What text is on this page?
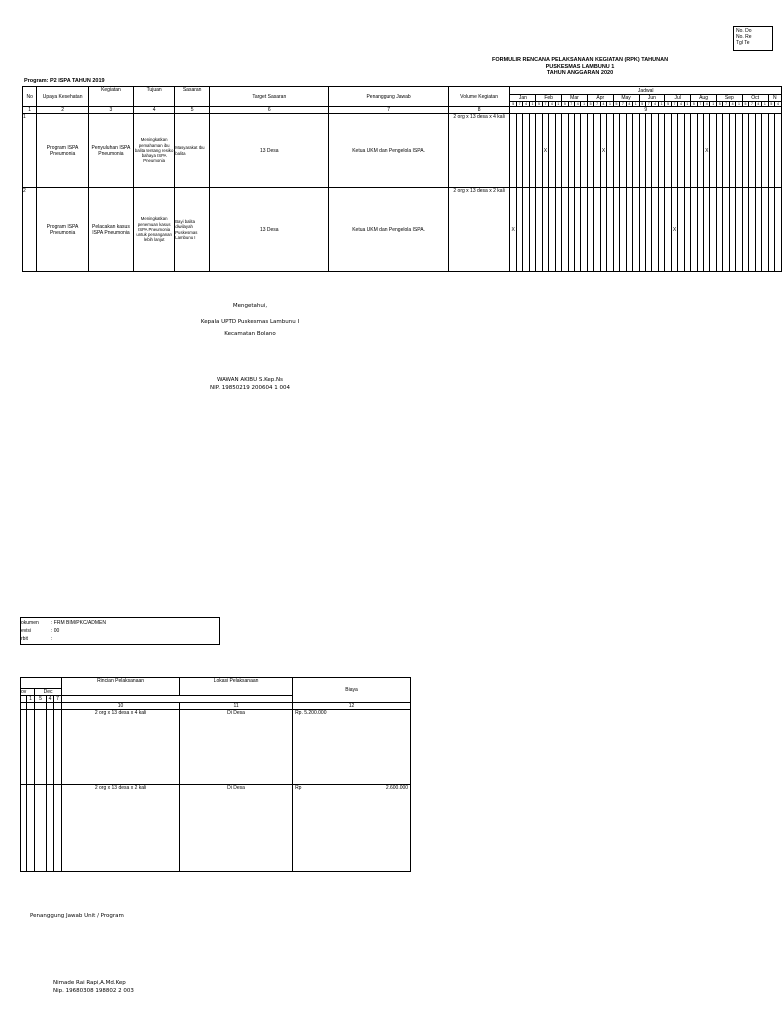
No. Do
No. Re
Tgl Te
FORMULIR RENCANA PELAKSANAAN KEGIATAN (RPK) TAHUNAN
PUSKESMAS LAMBUNU 1
TAHUN ANGGARAN 2020
Program: P2 ISPA TAHUN 2019
No	Upaya Kesehatan	Kegiatan	Tujuan	Sasaran	Target Sasaran	Penanggung Jawab	Volume Kegiatan	Jadwal																																									
								Jan				Feb				Mar				Apr				May				Jun				Jul				Aug				Sep				Oct				N	
								5	7	4	1	5	7	4	1	5	7	4	1	5	7	4	1	5	7	4	1	5	7	4	1	5	7	4	1	5	7	4	1	5	7	4	1	5	7	4	1	5	4
1	2	3	4	5	6	7	8	9																																									
1	Program ISPA Pneumonia	Penyuluhan ISPA Pneumonia	Meningkatkan pemahaman ibu balita tentang resiko bahaya ISPA Pneumonia	Masyarakat Ibu balita	13 Desa	Ketua UKM dan Pengelola ISPA.	2 org x 13 desa x 4 kali						X									X																X											
2	Program ISPA Pneumonia	Pelacakan kasus ISPA Pneumonia	Meningkatkan penemuan kasus ISPA Pneumonia untuk penanganan lebih lanjut	Bayi balita diwilayah Puskesmas Lambunu I	13 Desa	Ketua UKM dan Pengelola ISPA.	2 org x 13 desa x 2 kali	X																									X																
Mengetahui,
Kepala UPTD Puskesmas Lambunu I
Kecamatan Bolano
WAWAN AKIBU S.Kep.Ns
NIP. 19850219 200604 1 004
okumen	: FRM BIM/PKC/ADMEN
evisi	: 00
rbit	:
					Rincian Pelaksanaan	Lokasi Pelaksanaan	Biaya
ov		Dec					
	1	5	4	7			
					10	11	12
					2 org x 13 desa x 4 kali	Di Desa	Rp. 5.200.000
					2 org x 13 desa x 2 kali	Di Desa	Rp 2.600.000
Penanggung Jawab Unit / Program
Nimade Rai Rapi,A.Md.Kep
Nip. 19680308 198802 2 003
